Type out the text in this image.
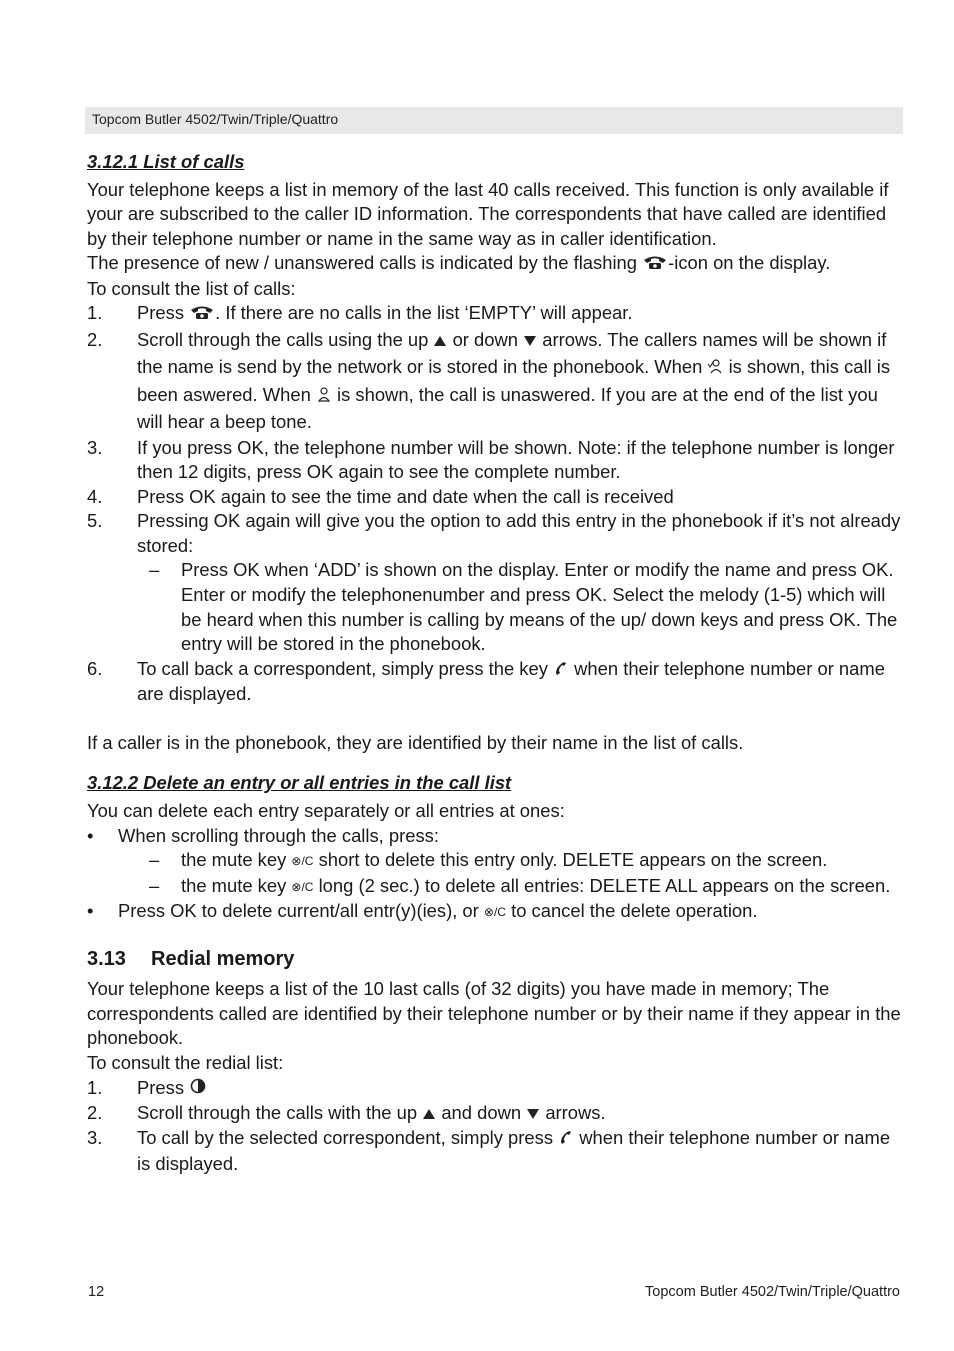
Topcom Butler 4502/Twin/Triple/Quattro

3.12.1 List of calls

Your telephone keeps a list in memory of the last 40 calls received. This function is only available if your are subscribed to the caller ID information. The correspondents that have called are identified by their telephone number or name in the same way as in caller identification.

The presence of new / unanswered calls is indicated by the flashing -icon on the display.

To consult the list of calls:

1.	Press . If there are no calls in the list ‘EMPTY’ will appear.
2.	Scroll through the calls using the up  or down  arrows. The callers names will be shown if the name is send by the network or is stored in the phonebook. When  is shown, this call is been aswered. When  is shown, the call is unaswered. If you are at the end of the list you will hear a beep tone.
3.	If you press OK, the telephone number will be shown. Note: if the telephone number is longer then 12 digits, press OK again to see the complete number.
4.	Press OK again to see the time and date when the call is received
5.	Pressing OK again will give you the option to add this entry in the phonebook if it’s not already stored:
–	Press OK when ‘ADD’ is shown on the display. Enter or modify the name and press OK. Enter or modify the telephonenumber and press OK. Select the melody (1-5) which will be heard when this number is calling by means of the up/ down keys and press OK. The entry will be stored in the phonebook.
6.	To call back a correspondent, simply press the key  when their telephone number or name are displayed.

If a caller is in the phonebook, they are identified by their name in the list of calls.

3.12.2 Delete an entry or all entries in the call list

You can delete each entry separately or all entries at ones:

•	When scrolling through the calls, press:
–	the mute key ⊗/C short to delete this entry only. DELETE appears on the screen.
–	the mute key ⊗/C long (2 sec.) to delete all entries: DELETE ALL appears on the screen.
•	Press OK to delete current/all entr(y)(ies), or ⊗/C to cancel the delete operation.

3.13 Redial memory

Your telephone keeps a list of the 10 last calls (of 32 digits) you have made in memory; The correspondents called are identified by their telephone number or by their name if they appear in the phonebook.

To consult the redial list:

1.	Press
2.	Scroll through the calls with the up  and down  arrows.
3.	To call by the selected correspondent, simply press  when their telephone number or name is displayed.
12	Topcom Butler 4502/Twin/Triple/Quattro
